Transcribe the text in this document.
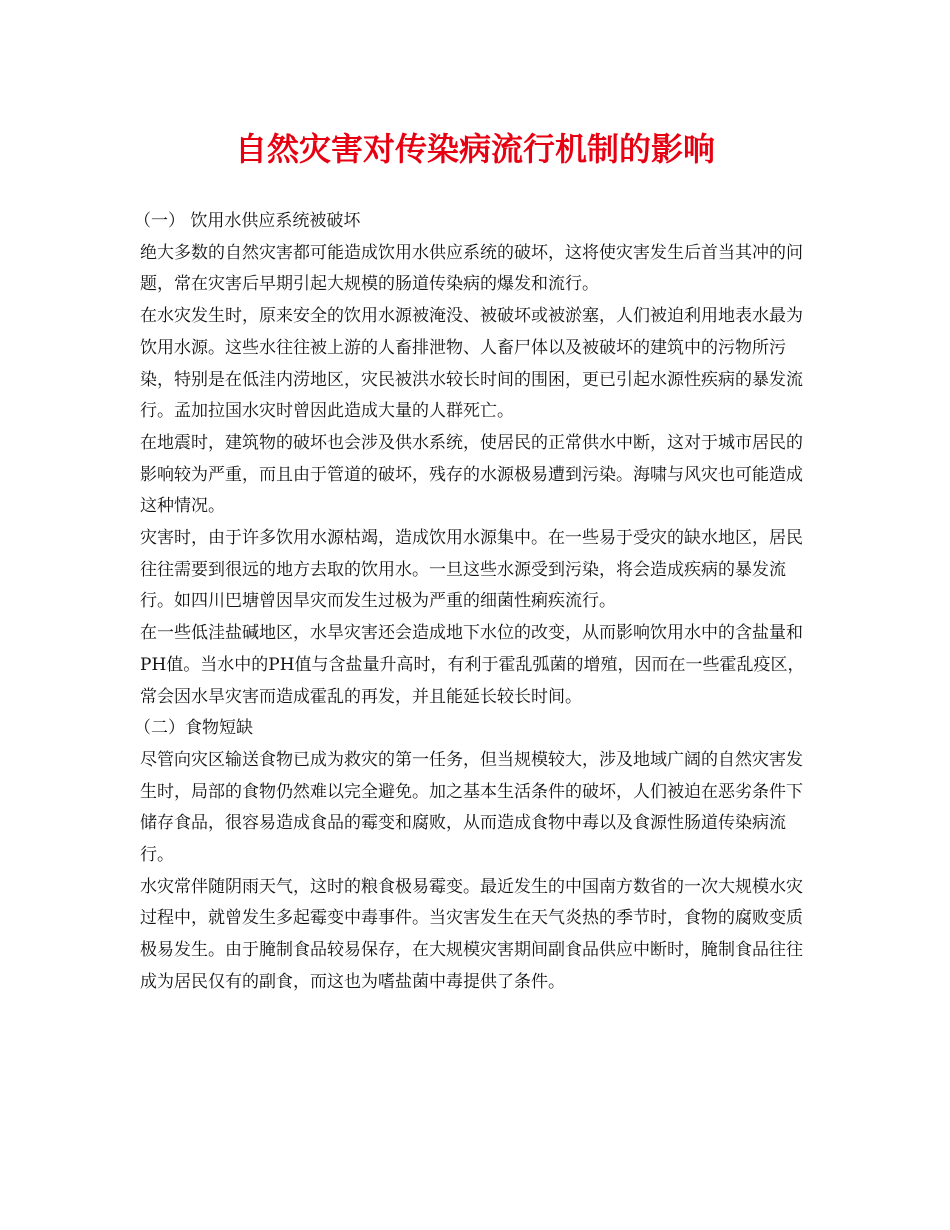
自然灾害对传染病流行机制的影响

（一） 饮用水供应系统被破坏

绝大多数的自然灾害都可能造成饮用水供应系统的破坏，这将使灾害发生后首当其冲的问题，常在灾害后早期引起大规模的肠道传染病的爆发和流行。

在水灾发生时，原来安全的饮用水源被淹没、被破坏或被淤塞，人们被迫利用地表水最为饮用水源。这些水往往被上游的人畜排泄物、人畜尸体以及被破坏的建筑中的污物所污染，特别是在低洼内涝地区，灾民被洪水较长时间的围困，更已引起水源性疾病的暴发流行。孟加拉国水灾时曾因此造成大量的人群死亡。

在地震时，建筑物的破坏也会涉及供水系统，使居民的正常供水中断，这对于城市居民的影响较为严重，而且由于管道的破坏，残存的水源极易遭到污染。海啸与风灾也可能造成这种情况。

灾害时，由于许多饮用水源枯竭，造成饮用水源集中。在一些易于受灾的缺水地区，居民往往需要到很远的地方去取的饮用水。一旦这些水源受到污染，将会造成疾病的暴发流行。如四川巴塘曾因旱灾而发生过极为严重的细菌性痢疾流行。

在一些低洼盐碱地区，水旱灾害还会造成地下水位的改变，从而影响饮用水中的含盐量和PH值。当水中的PH值与含盐量升高时，有利于霍乱弧菌的增殖，因而在一些霍乱疫区，常会因水旱灾害而造成霍乱的再发，并且能延长较长时间。

（二）食物短缺

尽管向灾区输送食物已成为救灾的第一任务，但当规模较大，涉及地域广阔的自然灾害发生时，局部的食物仍然难以完全避免。加之基本生活条件的破坏，人们被迫在恶劣条件下储存食品，很容易造成食品的霉变和腐败，从而造成食物中毒以及食源性肠道传染病流行。

水灾常伴随阴雨天气，这时的粮食极易霉变。最近发生的中国南方数省的一次大规模水灾过程中，就曾发生多起霉变中毒事件。当灾害发生在天气炎热的季节时，食物的腐败变质极易发生。由于腌制食品较易保存，在大规模灾害期间副食品供应中断时，腌制食品往往成为居民仅有的副食，而这也为嗜盐菌中毒提供了条件。
